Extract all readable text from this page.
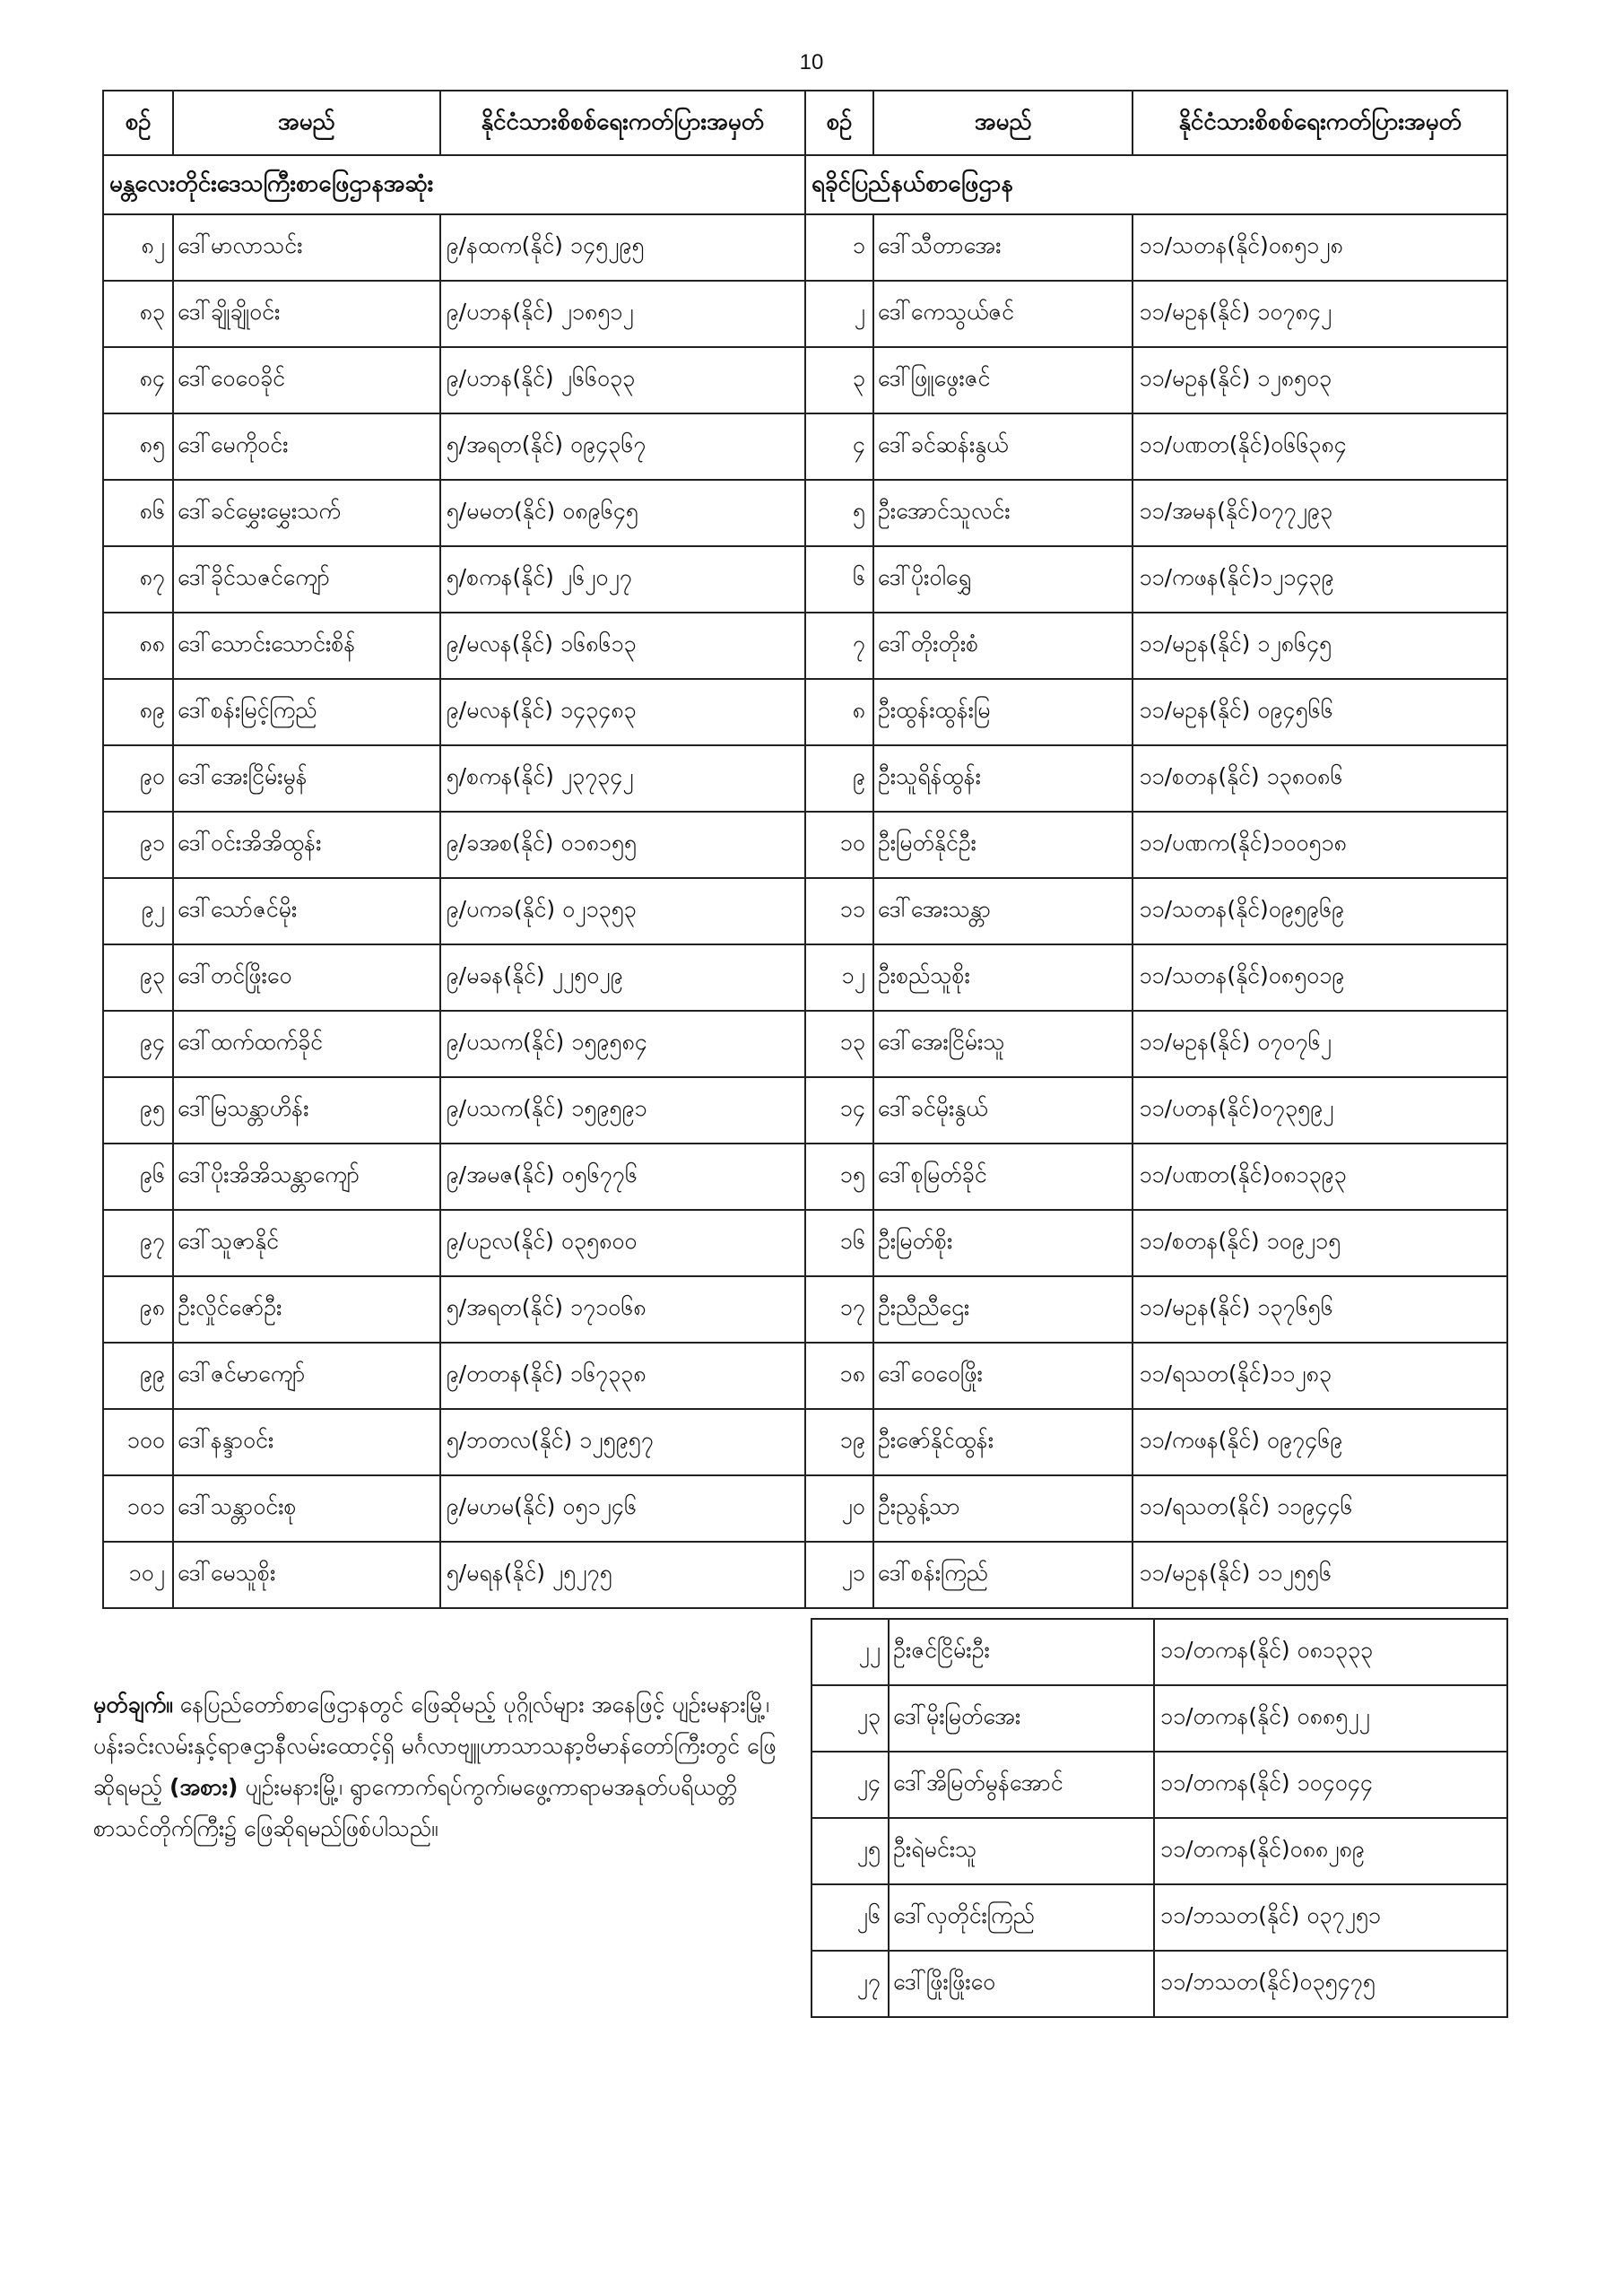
10
စဉ်	အမည်	နိုင်ငံသားစိစစ်ရေးကတ်ပြားအမှတ်	စဉ်	အမည်	နိုင်ငံသားစိစစ်ရေးကတ်ပြားအမှတ်
မန္တလေးတိုင်းဒေသကြီးစာဖြေဌာနအဆုံး			ရခိုင်ပြည်နယ်စာဖြေဌာန		
၈၂	ဒေါ်မာလာသင်း	၉/နထက(နိုင်) ၁၄၅၂၉၅	၁	ဒေါ်သီတာအေး	၁၁/သတန(နိုင်)၀၈၅၁၂၈
၈၃	ဒေါ်ချိုချိုဝင်း	၉/ပဘန(နိုင်) ၂၁၈၅၁၂	၂	ဒေါ်ကေသွယ်ဇင်	၁၁/မဥန(နိုင်) ၁၀၇၈၄၂
၈၄	ဒေါ်ဝေဝေခိုင်	၉/ပဘန(နိုင်) ၂၆၆၀၃၃	၃	ဒေါ်ဖြူဖွေးဇင်	၁၁/မဥန(နိုင်) ၁၂၈၅၀၃
၈၅	ဒေါ်မေကိုဝင်း	၅/အရတ(နိုင်) ၀၉၄၃၆၇	၄	ဒေါ်ခင်ဆန်းနွယ်	၁၁/ပဏတ(နိုင်)၀၆၆၃၈၄
၈၆	ဒေါ်ခင်မွှေးမွှေးသက်	၅/မမတ(နိုင်) ၀၈၉၆၄၅	၅	ဦးအောင်သူလင်း	၁၁/အမန(နိုင်)၀၇၇၂၉၃
၈၇	ဒေါ်ခိုင်သဇင်ကျော်	၅/စကန(နိုင်) ၂၆၂၀၂၇	၆	ဒေါ်ပိုးဝါရွှေ	၁၁/ကဖန(နိုင်)၁၂၁၄၃၉
၈၈	ဒေါ်သောင်းသောင်းစိန်	၉/မလန(နိုင်) ၁၆၈၆၁၃	၇	ဒေါ်တိုးတိုးစံ	၁၁/မဥန(နိုင်) ၁၂၈၆၄၅
၈၉	ဒေါ်စန်းမြင့်ကြည်	၉/မလန(နိုင်) ၁၄၃၄၈၃	၈	ဦးထွန်းထွန်းမြ	၁၁/မဥန(နိုင်) ၀၉၄၅၆၆
၉၀	ဒေါ်အေးငြိမ်းမွန်	၅/စကန(နိုင်) ၂၃၇၃၄၂	၉	ဦးသူရိန်ထွန်း	၁၁/စတန(နိုင်) ၁၃၈၀၈၆
၉၁	ဒေါ်ဝင်းအိအိထွန်း	၉/ခအစ(နိုင်) ၀၁၈၁၅၅	၁၀	ဦးမြတ်နိုင်ဦး	၁၁/ပဏက(နိုင်)၁၀၀၅၁၈
၉၂	ဒေါ်သော်ဇင်မိုး	၉/ပကခ(နိုင်) ၀၂၁၃၅၃	၁၁	ဒေါ်အေးသန္တာ	၁၁/သတန(နိုင်)၀၉၅၉၆၉
၉၃	ဒေါ်တင်ဖြိုးဝေ	၉/မခန(နိုင်) ၂၂၅၀၂၉	၁၂	ဦးစည်သူစိုး	၁၁/သတန(နိုင်)၀၈၅၀၁၉
၉၄	ဒေါ်ထက်ထက်ခိုင်	၉/ပသက(နိုင်) ၁၅၉၅၈၄	၁၃	ဒေါ်အေးငြိမ်းသူ	၁၁/မဥန(နိုင်) ၀၇၀၇၆၂
၉၅	ဒေါ်မြသန္တာဟိန်း	၉/ပသက(နိုင်) ၁၅၉၅၉၁	၁၄	ဒေါ်ခင်မိုးနွယ်	၁၁/ပတန(နိုင်)၀၇၃၅၉၂
၉၆	ဒေါ်ပိုးအိအိသန္တာကျော်	၉/အမဇ(နိုင်) ၀၅၆၇၇၆	၁၅	ဒေါ်စုမြတ်ခိုင်	၁၁/ပဏတ(နိုင်)၀၈၁၃၉၃
၉၇	ဒေါ်သူဇာနိုင်	၉/ပဥလ(နိုင်) ၀၃၅၈၀၀	၁၆	ဦးမြတ်စိုး	၁၁/စတန(နိုင်) ၁၀၉၂၁၅
၉၈	ဦးလှိုင်ဇော်ဦး	၅/အရတ(နိုင်) ၁၇၁၀၆၈	၁၇	ဦးညီညီဌေး	၁၁/မဥန(နိုင်) ၁၃၇၆၅၆
၉၉	ဒေါ်ဇင်မာကျော်	၉/တတန(နိုင်) ၁၆၇၃၃၈	၁၈	ဒေါ်ဝေဝေဖြိုး	၁၁/ရသတ(နိုင်)၁၁၂၈၃
၁၀၀	ဒေါ်နန္ဒာဝင်း	၅/ဘတလ(နိုင်) ၁၂၅၉၅၇	၁၉	ဦးဇော်နိုင်ထွန်း	၁၁/ကဖန(နိုင်) ၀၉၇၄၆၉
၁၀၁	ဒေါ်သန္တာဝင်းစု	၉/မဟမ(နိုင်) ၀၅၁၂၄၆	၂၀	ဦးညွန့်သာ	၁၁/ရသတ(နိုင်) ၁၁၉၄၄၆
၁၀၂	ဒေါ်မေသူစိုး	၅/မရန(နိုင်) ၂၅၂၇၅	၂၁	ဒေါ်စန်းကြည်	၁၁/မဥန(နိုင်) ၁၁၂၅၅၆
၂၂	ဦးဇင်ငြိမ်းဦး	၁၁/တကန(နိုင်) ၀၈၁၃၃၃
၂၃	ဒေါ်မိုးမြတ်အေး	၁၁/တကန(နိုင်) ၀၈၈၅၂၂
၂၄	ဒေါ်အိမြတ်မွန်အောင်	၁၁/တကန(နိုင်) ၁၀၄၀၄၄
၂၅	ဦးရဲမင်းသူ	၁၁/တကန(နိုင်)၀၈၈၂၈၉
၂၆	ဒေါ်လှတိုင်းကြည်	၁၁/ဘသတ(နိုင်) ၀၃၇၂၅၁
၂၇	ဒေါ်ဖြိုးဖြိုးဝေ	၁၁/ဘသတ(နိုင်)၀၃၅၄၇၅
မှတ်ချက်။ နေပြည်တော်စာဖြေဌာနတွင် ဖြေဆိုမည့် ပုဂ္ဂိုလ်များ အနေဖြင့် ပျဉ်းမနားမြို့၊ ပန်းခင်းလမ်းနှင့်ရာဇဌာနီလမ်းထောင့်ရှိ မင်္ဂလာဗျူဟာသာသနာ့ဗိမာန်တော်ကြီးတွင် ဖြေဆိုရမည့် (အစား) ပျဉ်းမနားမြို့၊ ရွာကောက်ရပ်ကွက်၊မဖွေ့ကာရာမအနုတ်ပရိယတ္တိ စာသင်တိုက်ကြီး၌ ဖြေဆိုရမည်ဖြစ်ပါသည်။
